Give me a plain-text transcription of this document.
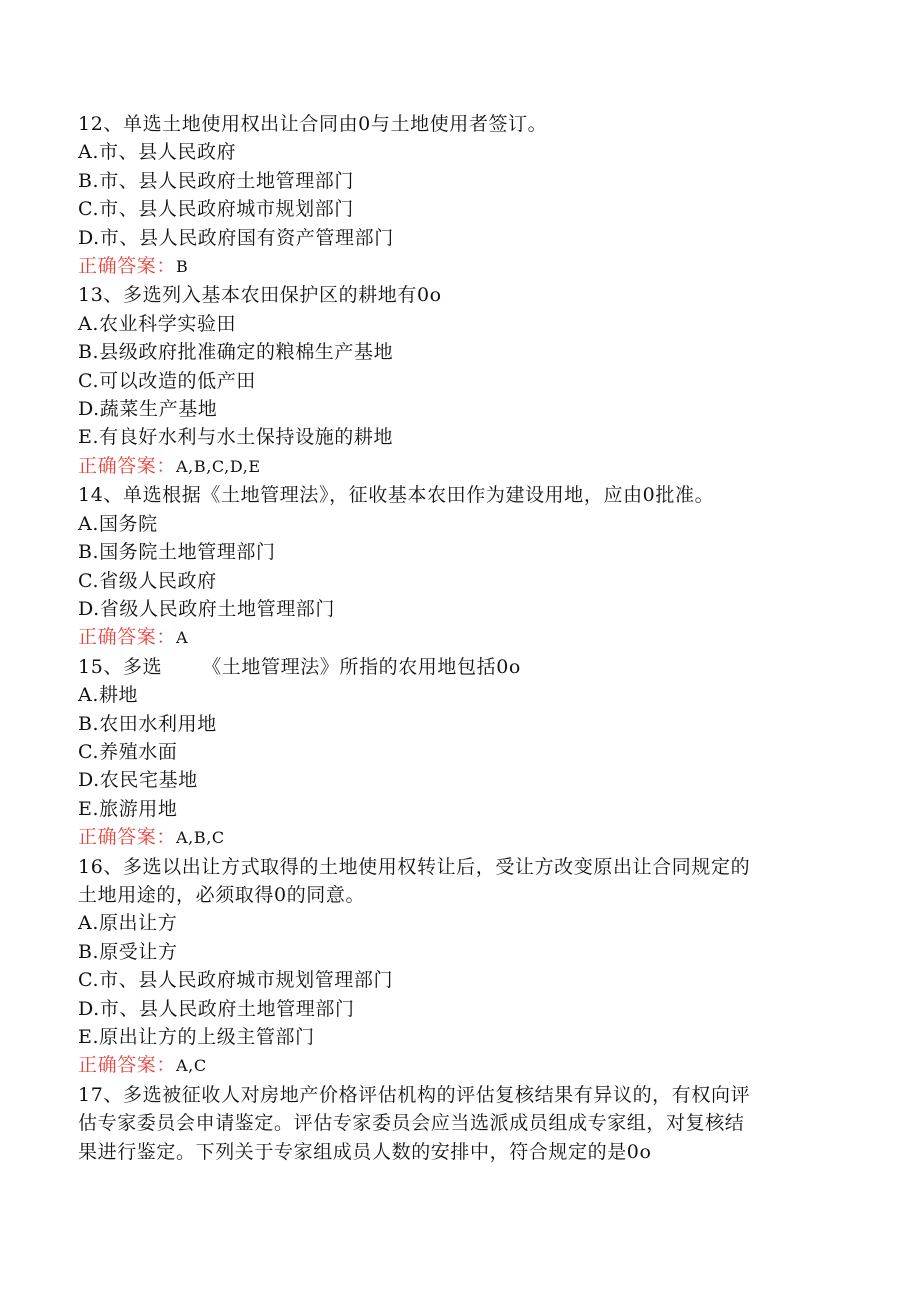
12、单选土地使用权出让合同由0与土地使用者签订。

A.市、县人民政府

B.市、县人民政府土地管理部门

C.市、县人民政府城市规划部门

D.市、县人民政府国有资产管理部门

正确答案：B

13、多选列入基本农田保护区的耕地有0o

A.农业科学实验田

B.县级政府批准确定的粮棉生产基地

C.可以改造的低产田

D.蔬菜生产基地

E.有良好水利与水土保持设施的耕地

正确答案：A,B,C,D,E

14、单选根据《土地管理法》，征收基本农田作为建设用地，应由0批准。

A.国务院

B.国务院土地管理部门

C.省级人民政府

D.省级人民政府土地管理部门

正确答案：A

15、多选 《土地管理法》所指的农用地包括0o

A.耕地

B.农田水利用地

C.养殖水面

D.农民宅基地

E.旅游用地

正确答案：A,B,C

16、多选以出让方式取得的土地使用权转让后，受让方改变原出让合同规定的

土地用途的，必须取得0的同意。

A.原出让方

B.原受让方

C.市、县人民政府城市规划管理部门

D.市、县人民政府土地管理部门

E.原出让方的上级主管部门

正确答案：A,C

17、多选被征收人对房地产价格评估机构的评估复核结果有异议的，有权向评

估专家委员会申请鉴定。评估专家委员会应当选派成员组成专家组，对复核结

果进行鉴定。下列关于专家组成员人数的安排中，符合规定的是0o
